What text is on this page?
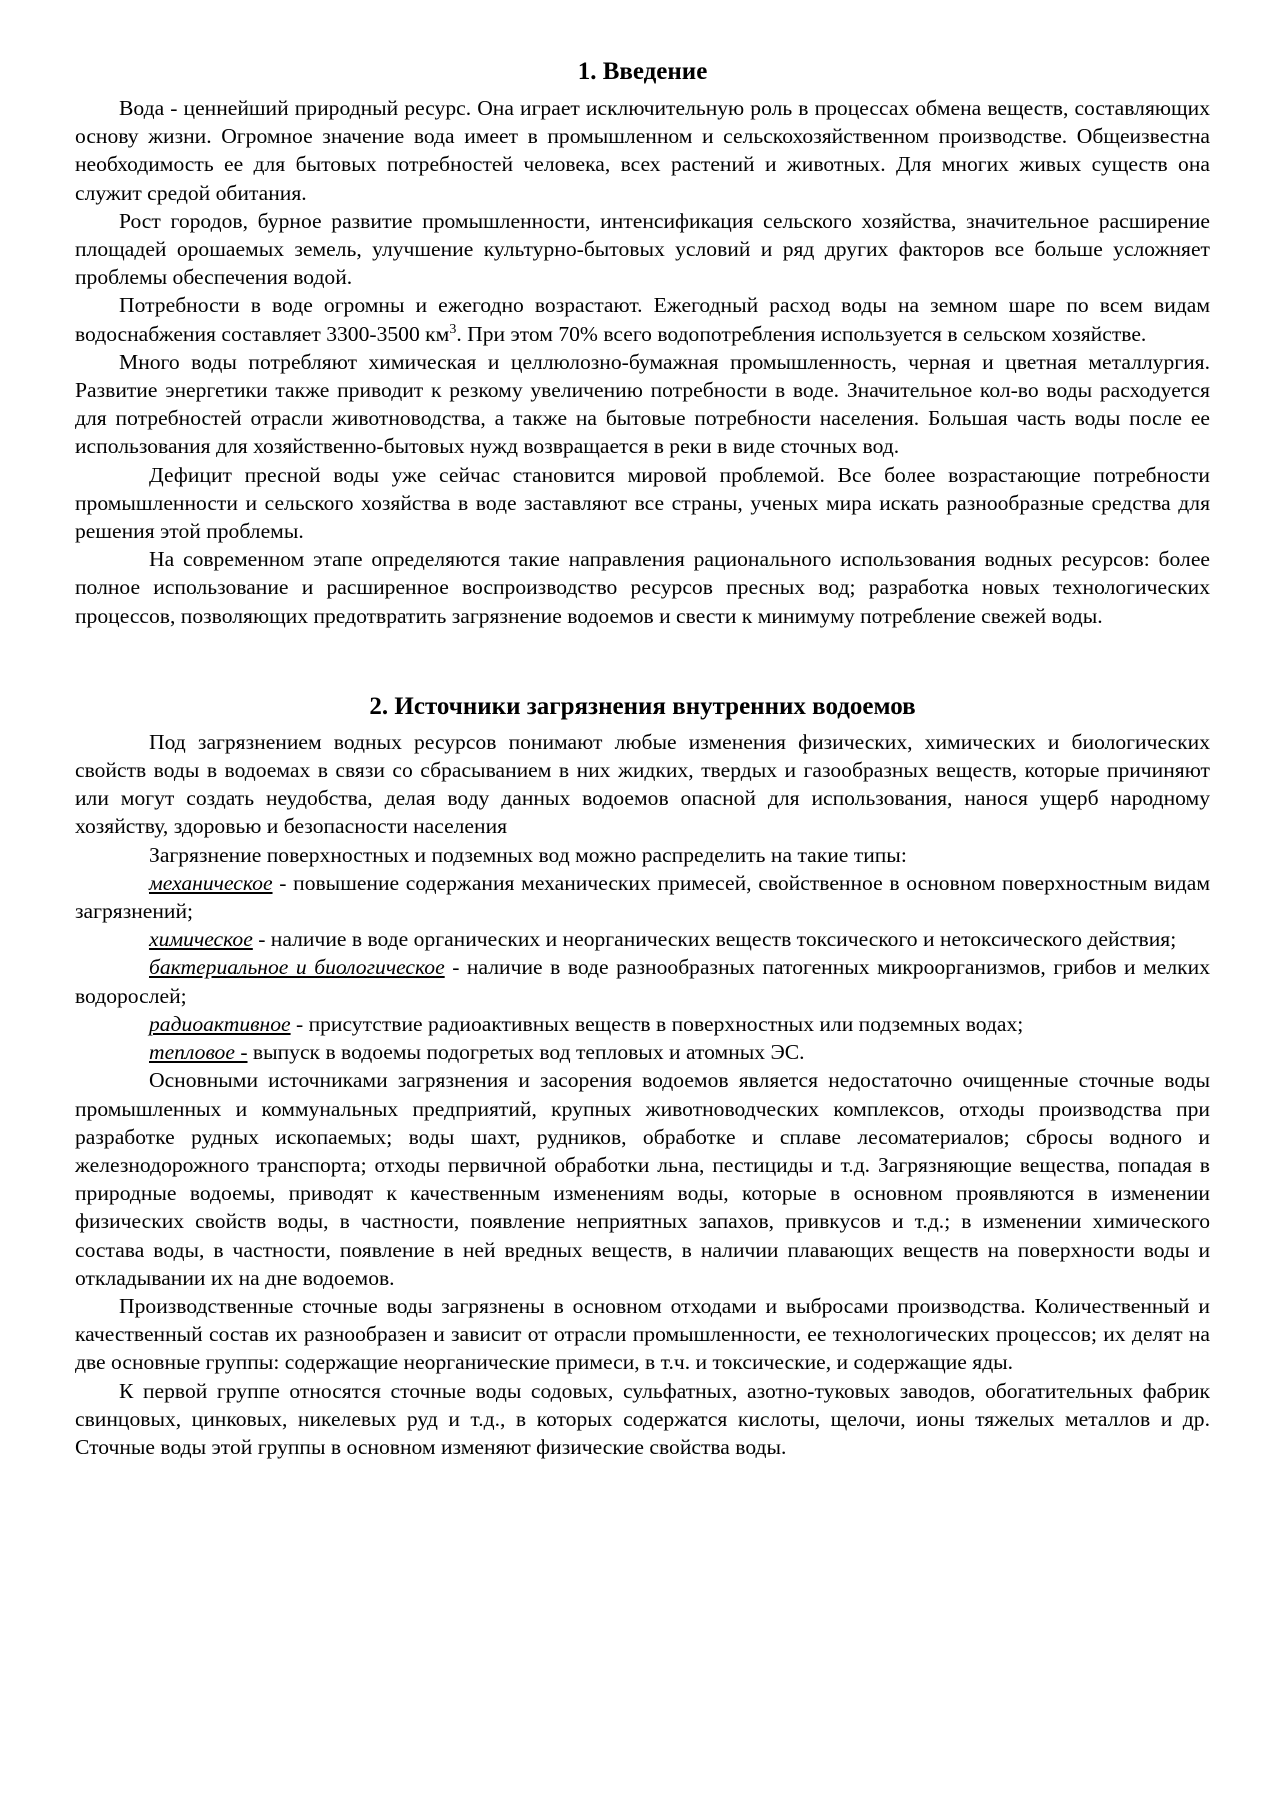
1. Введение

Вода - ценнейший природный ресурс. Она играет исключительную роль в процессах обмена веществ, составляющих основу жизни. Огромное значение вода имеет в промышленном и сельскохозяйственном производстве. Общеизвестна необходимость ее для бытовых потребностей человека, всех растений и животных. Для многих живых существ она служит средой обитания.

Рост городов, бурное развитие промышленности, интенсификация сельского хозяйства, значительное расширение площадей орошаемых земель, улучшение культурно-бытовых условий и ряд других факторов все больше усложняет проблемы обеспечения водой.

Потребности в воде огромны и ежегодно возрастают. Ежегодный расход воды на земном шаре по всем видам водоснабжения составляет 3300-3500 $км^3$. При этом 70% всего водопотребления используется в сельском хозяйстве.

Много воды потребляют химическая и целлюлозно-бумажная промышленность, черная и цветная металлургия. Развитие энергетики также приводит к резкому увеличению потребности в воде. Значительное кол-во воды расходуется для потребностей отрасли животноводства, а также на бытовые потребности населения. Большая часть воды после ее использования для хозяйственно-бытовых нужд возвращается в реки в виде сточных вод.

Дефицит пресной воды уже сейчас становится мировой проблемой. Все более возрастающие потребности промышленности и сельского хозяйства в воде заставляют все страны, ученых мира искать разнообразные средства для решения этой проблемы.

На современном этапе определяются такие направления рационального использования водных ресурсов: более полное использование и расширенное воспроизводство ресурсов пресных вод; разработка новых технологических процессов, позволяющих предотвратить загрязнение водоемов и свести к минимуму потребление свежей воды.

2. Источники загрязнения внутренних водоемов

Под загрязнением водных ресурсов понимают любые изменения физических, химических и биологических свойств воды в водоемах в связи со сбрасыванием в них жидких, твердых и газообразных веществ, которые причиняют или могут создать неудобства, делая воду данных водоемов опасной для использования, нанося ущерб народному хозяйству, здоровью и безопасности населения

Загрязнение поверхностных и подземных вод можно распределить на такие типы:

механическое - повышение содержания механических примесей, свойственное в основном поверхностным видам загрязнений;

химическое - наличие в воде органических и неорганических веществ токсического и нетоксического действия;

бактериальное и биологическое - наличие в воде разнообразных патогенных микроорганизмов, грибов и мелких водорослей;

радиоактивное - присутствие радиоактивных веществ в поверхностных или подземных водах;

тепловое - выпуск в водоемы подогретых вод тепловых и атомных ЭС.

Основными источниками загрязнения и засорения водоемов является недостаточно очищенные сточные воды промышленных и коммунальных предприятий, крупных животноводческих комплексов, отходы производства при разработке рудных ископаемых; воды шахт, рудников, обработке и сплаве лесоматериалов; сбросы водного и железнодорожного транспорта; отходы первичной обработки льна, пестициды и т.д. Загрязняющие вещества, попадая в природные водоемы, приводят к качественным изменениям воды, которые в основном проявляются в изменении физических свойств воды, в частности, появление неприятных запахов, привкусов и т.д.; в изменении химического состава воды, в частности, появление в ней вредных веществ, в наличии плавающих веществ на поверхности воды и откладывании их на дне водоемов.

Производственные сточные воды загрязнены в основном отходами и выбросами производства. Количественный и качественный состав их разнообразен и зависит от отрасли промышленности, ее технологических процессов; их делят на две основные группы: содержащие неорганические примеси, в т.ч. и токсические, и содержащие яды.

К первой группе относятся сточные воды содовых, сульфатных, азотно-туковых заводов, обогатительных фабрик свинцовых, цинковых, никелевых руд и т.д., в которых содержатся кислоты, щелочи, ионы тяжелых металлов и др. Сточные воды этой группы в основном изменяют физические свойства воды.
